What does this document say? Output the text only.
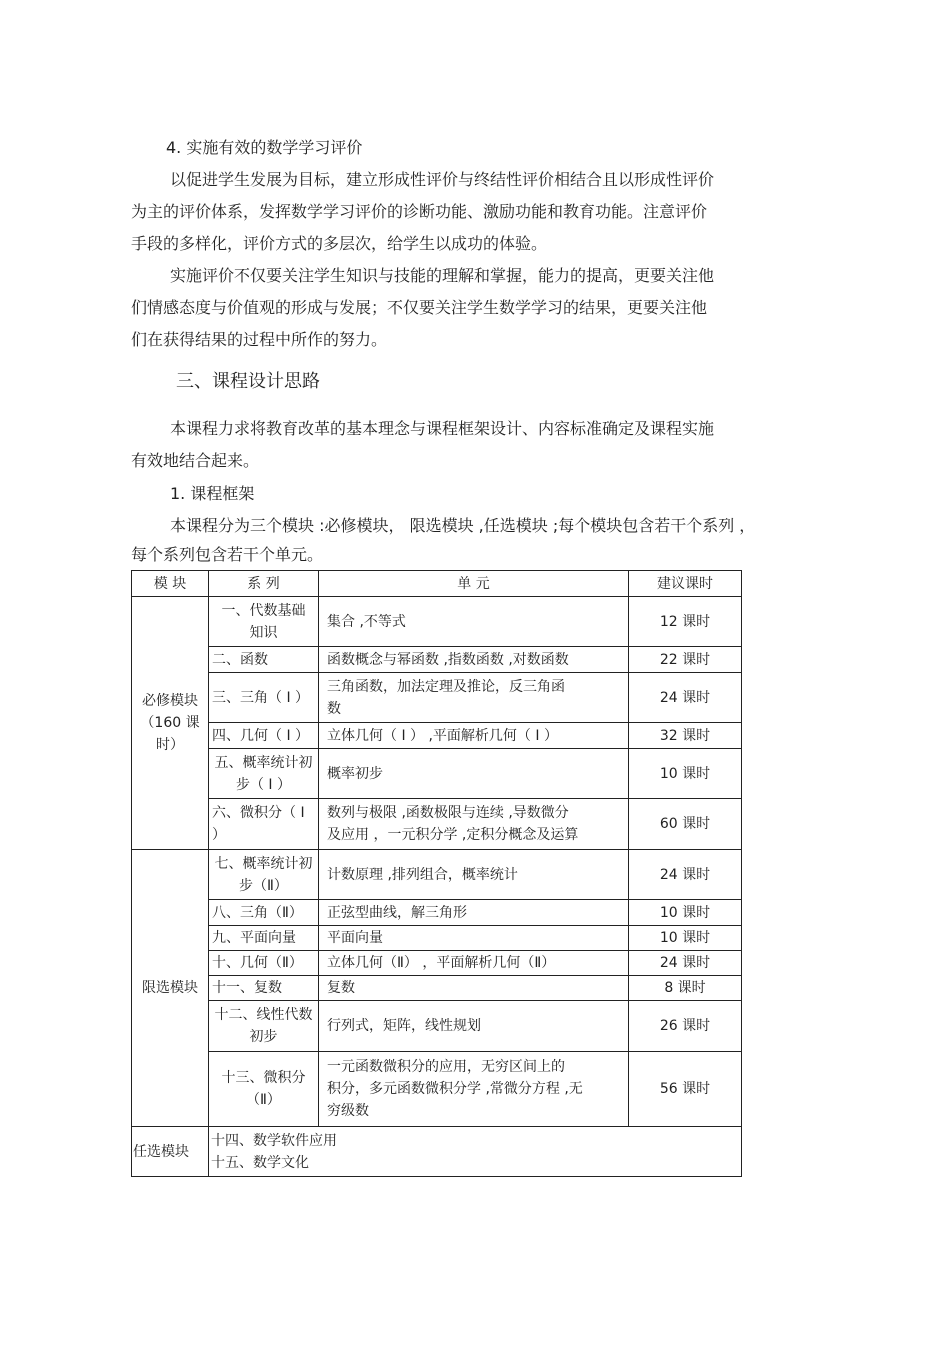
4. 实施有效的数学学习评价
以促进学生发展为目标，建立形成性评价与终结性评价相结合且以形成性评价
为主的评价体系，发挥数学学习评价的诊断功能、激励功能和教育功能。注意评价
手段的多样化，评价方式的多层次，给学生以成功的体验。
实施评价不仅要关注学生知识与技能的理解和掌握，能力的提高，更要关注他
们情感态度与价值观的形成与发展；不仅要关注学生数学学习的结果，更要关注他
们在获得结果的过程中所作的努力。
三、课程设计思路
本课程力求将教育改革的基本理念与课程框架设计、内容标准确定及课程实施
有效地结合起来。
1. 课程框架
本课程分为三个模块 :必修模块， 限选模块 ,任选模块 ;每个模块包含若干个系列 ，
每个系列包含若干个单元。
模 块	系 列	单 元	建议课时

必修模块
（160 课
时）	一、代数基础
知识	集合 ,不等式	12 课时
	二、函数	函数概念与幂函数 ,指数函数 ,对数函数	22 课时
	三、三角（ I ）	三角函数，加法定理及推论，反三角函
数	24 课时
	四、几何（ I ）	立体几何（ I ） ,平面解析几何（ I ）	32 课时

	五、概率统计初
步（ I ）	概率初步	10 课时
	六、微积分（ I ）	数列与极限 ,函数极限与连续 ,导数微分
及应用 ，一元积分学 ,定积分概念及运算	60 课时
限选模块	七、概率统计初
步（Ⅱ）	计数原理 ,排列组合，概率统计	24 课时
	八、三角（Ⅱ）	正弦型曲线，解三角形	10 课时
	九、平面向量	平面向量	10 课时
	十、几何（Ⅱ）	立体几何（Ⅱ） ，平面解析几何（Ⅱ）	24 课时
	十一、复数	复数	8 课时

	十二、线性代数
初步	行列式，矩阵，线性规划	26 课时

	十三、微积分
（Ⅱ）	一元函数微积分的应用，无穷区间上的
积分，多元函数微积分学 ,常微分方程 ,无
穷级数	56 课时
任选模块	十四、数学软件应用
十五、数学文化		
